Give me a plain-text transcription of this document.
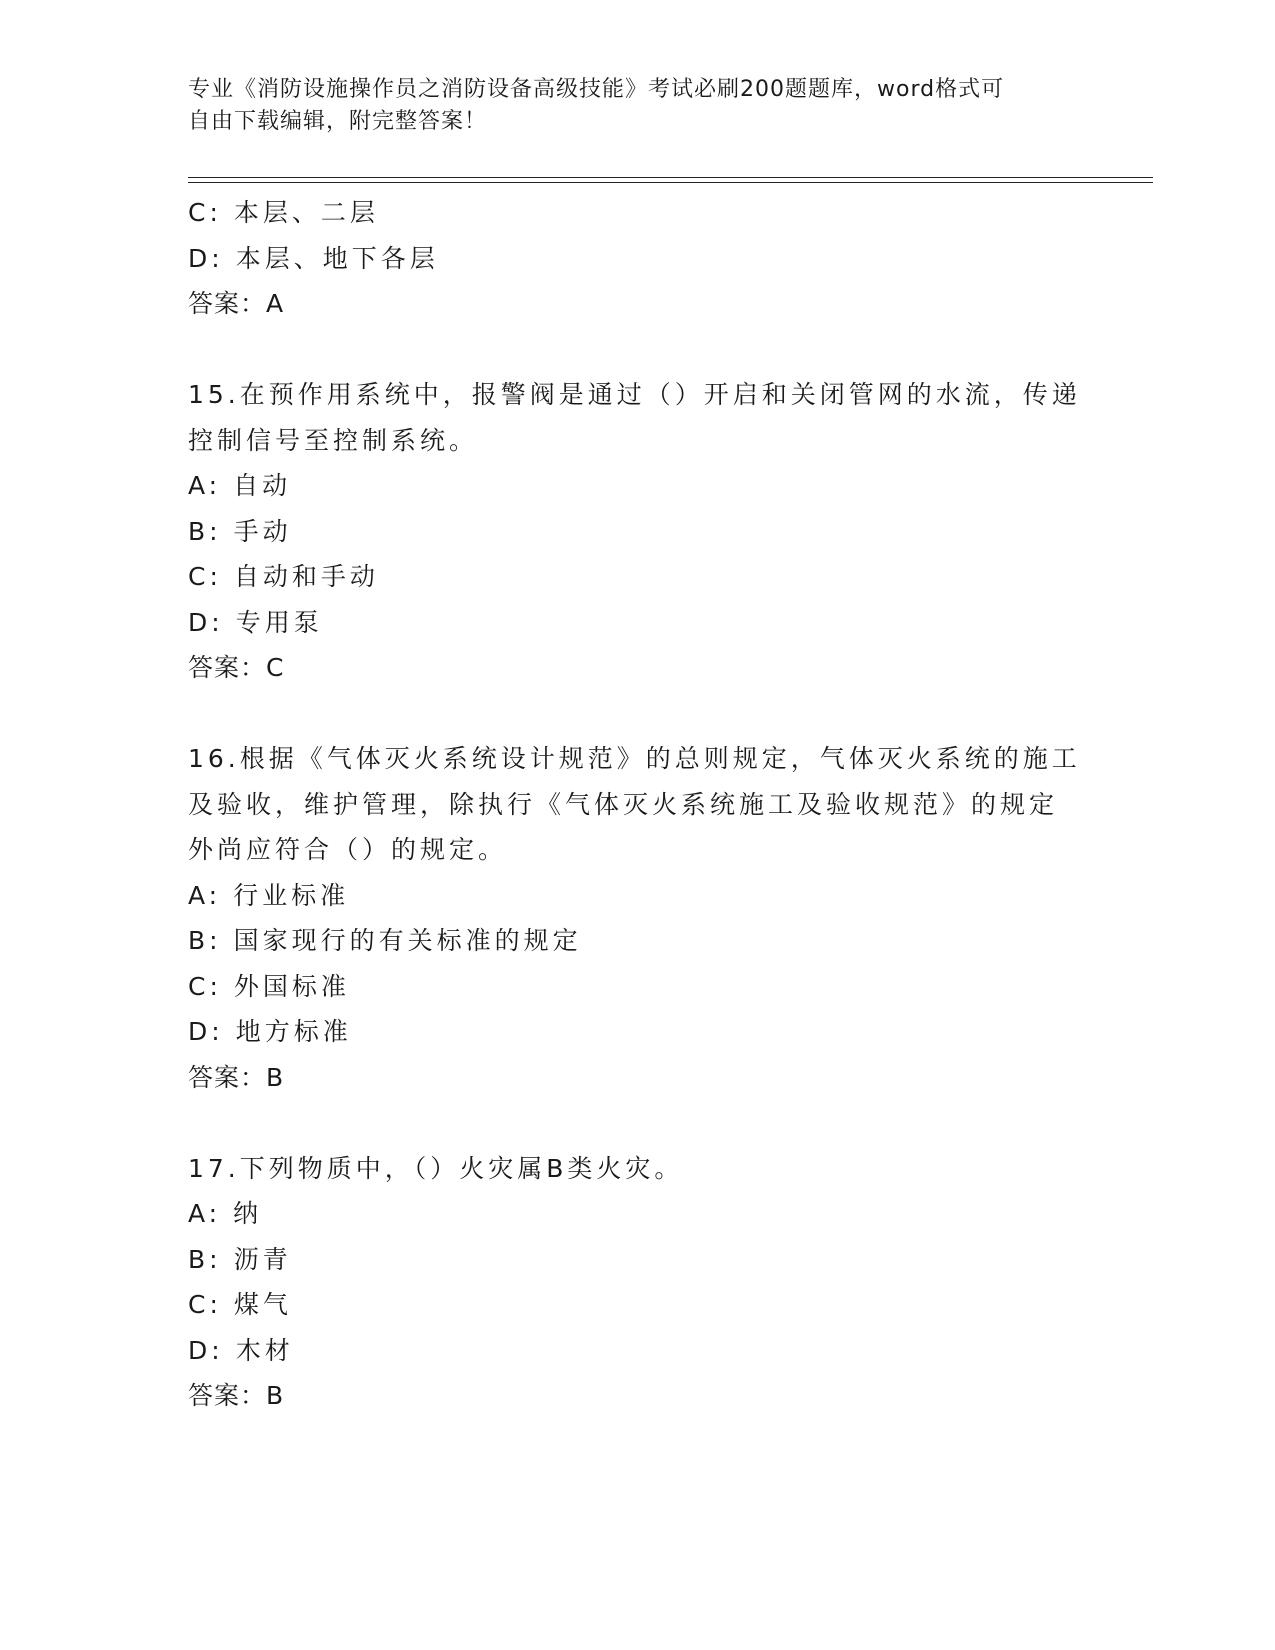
专业《消防设施操作员之消防设备高级技能》考试必刷200题题库，word格式可
自由下载编辑，附完整答案！
C: 本层、二层
D: 本层、地下各层
答案：A
15.在预作用系统中，报警阀是通过（）开启和关闭管网的水流，传递
控制信号至控制系统。
A: 自动
B: 手动
C: 自动和手动
D: 专用泵
答案：C
16.根据《气体灭火系统设计规范》的总则规定，气体灭火系统的施工
及验收，维护管理，除执行《气体灭火系统施工及验收规范》的规定
外尚应符合（）的规定。
A: 行业标准
B: 国家现行的有关标准的规定
C: 外国标准
D: 地方标准
答案：B
17.下列物质中，（）火灾属B类火灾。
A: 纳
B: 沥青
C: 煤气
D: 木材
答案：B
